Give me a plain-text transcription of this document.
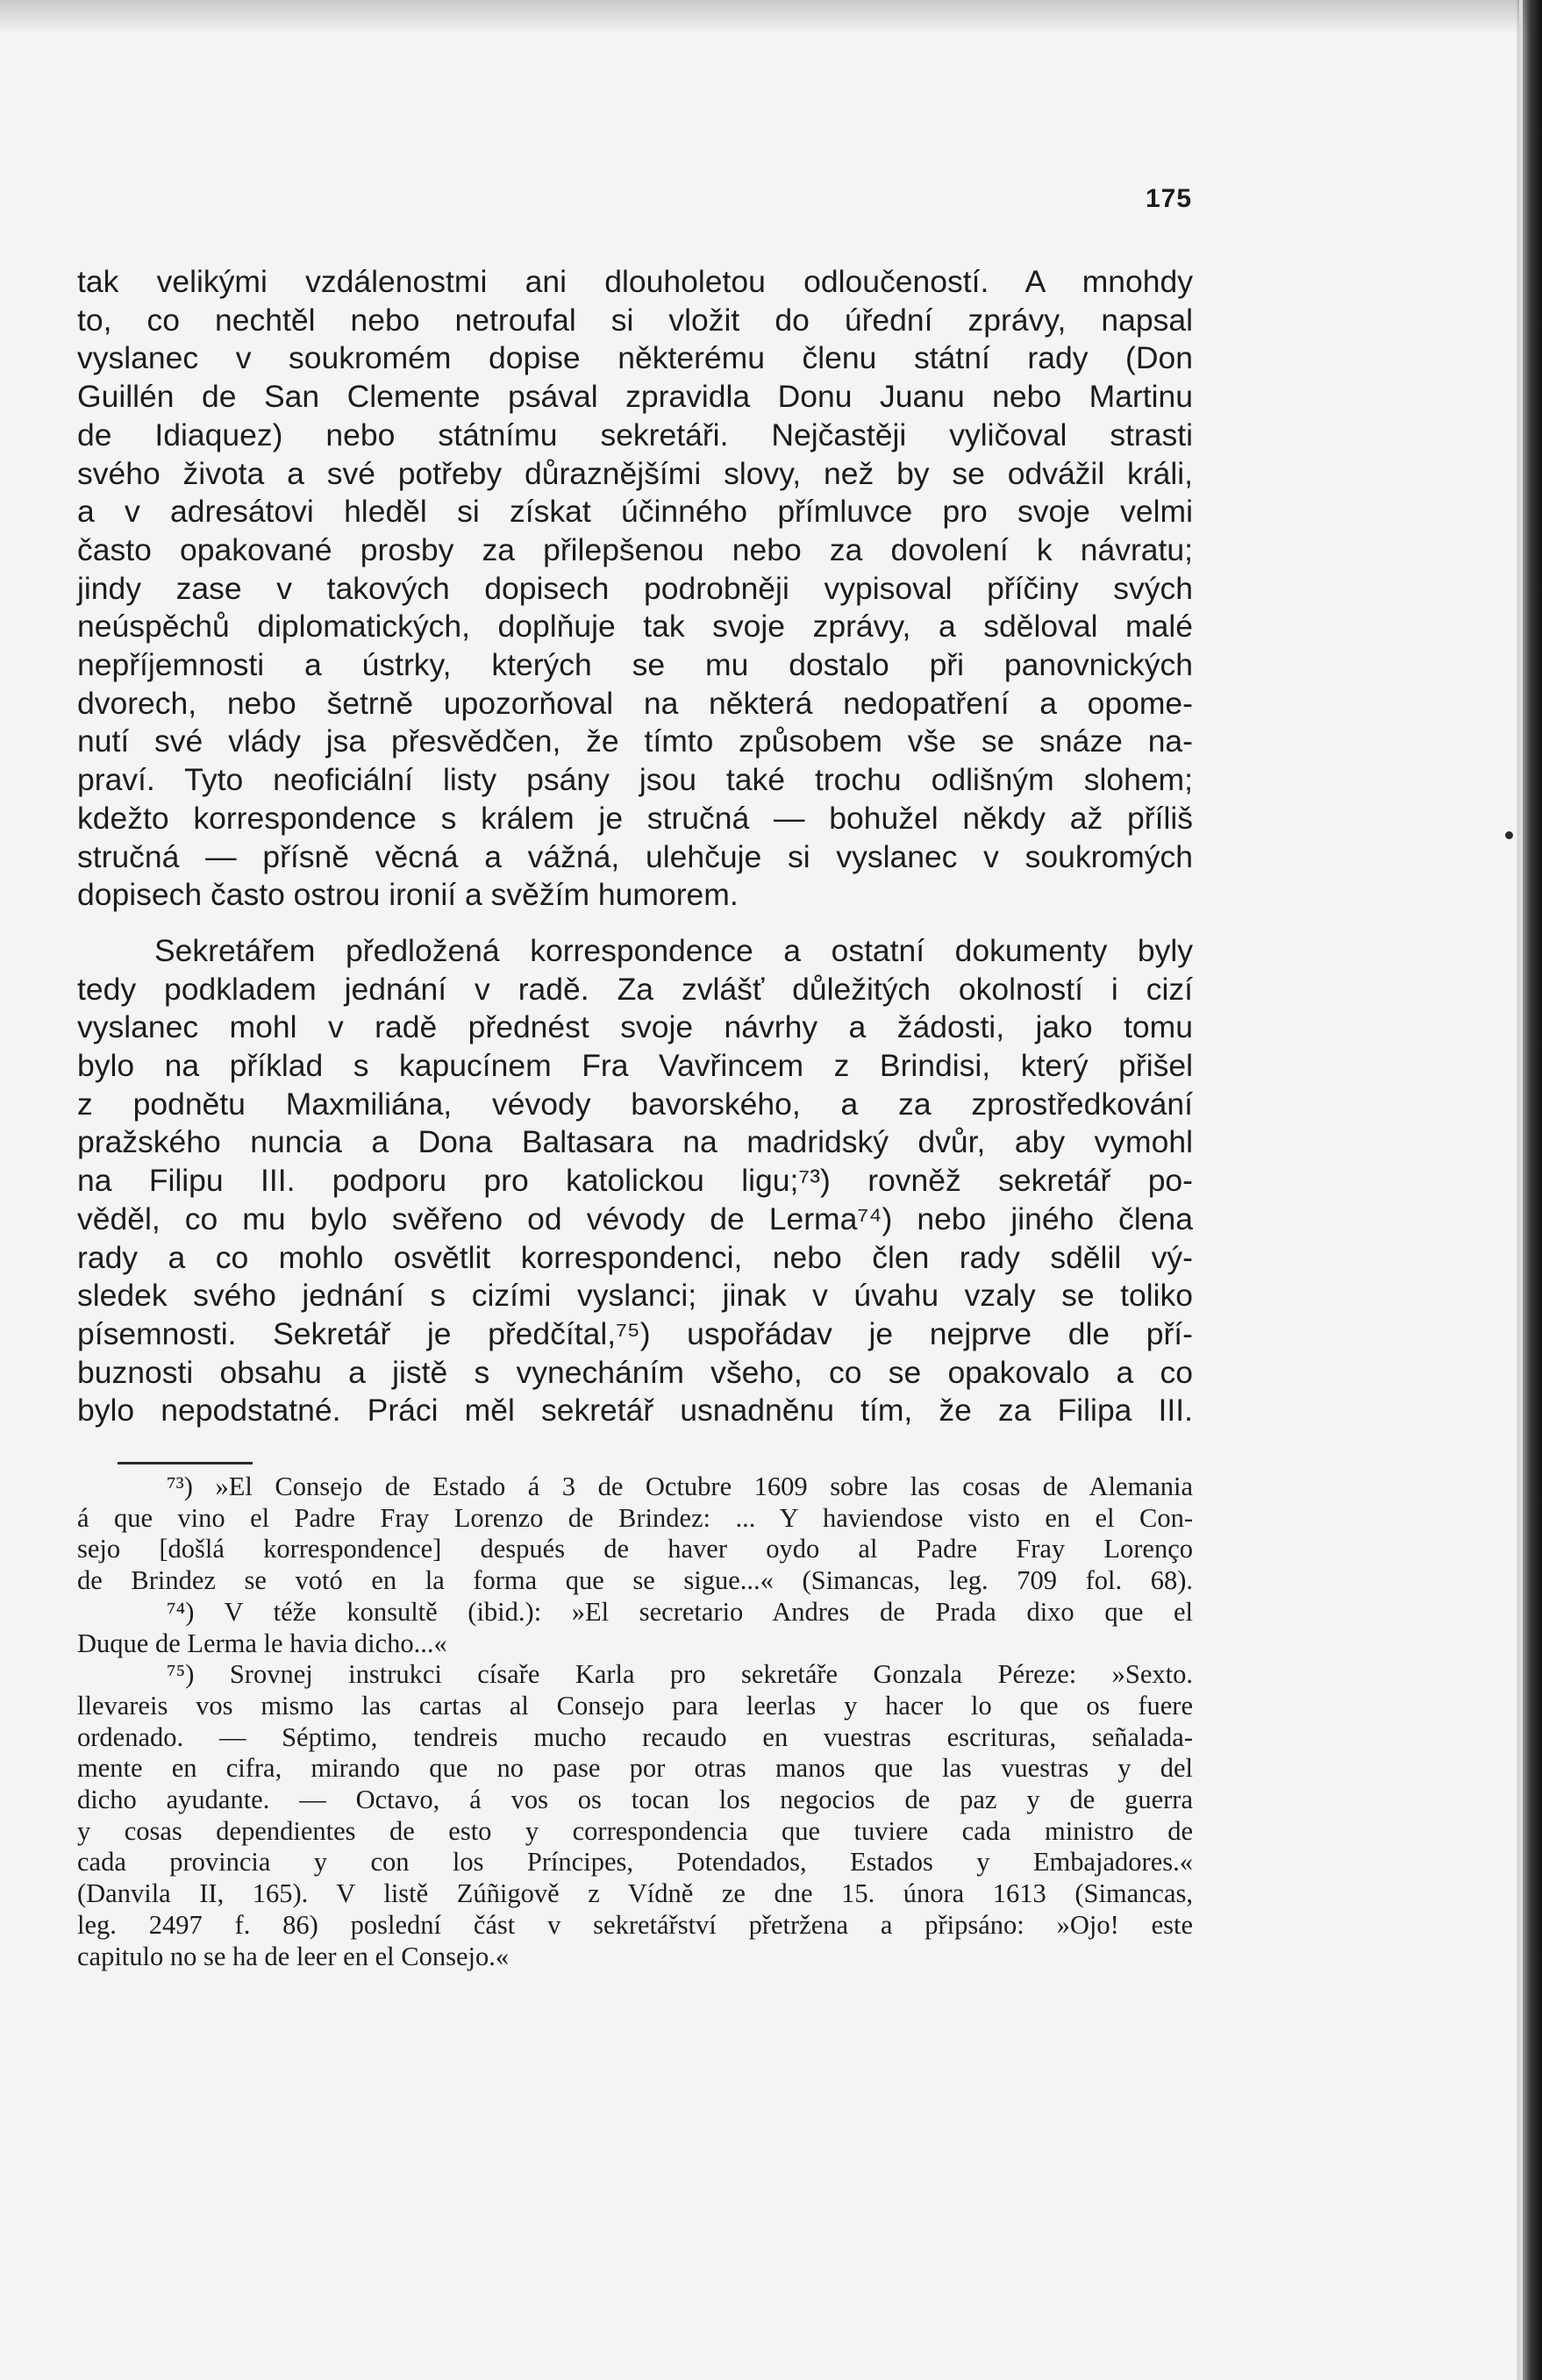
175
tak velikými vzdálenostmi ani dlouholetou odloučeností. A mnohdy
to, co nechtěl nebo netroufal si vložit do úřední zprávy, napsal
vyslanec v soukromém dopise některému členu státní rady (Don
Guillén de San Clemente psával zpravidla Donu Juanu nebo Martinu
de Idiaquez) nebo státnímu sekretáři. Nejčastěji vyličoval strasti
svého života a své potřeby důraznějšími slovy, než by se odvážil králi,
a v adresátovi hleděl si získat účinného přímluvce pro svoje velmi
často opakované prosby za přilepšenou nebo za dovolení k návratu;
jindy zase v takových dopisech podrobněji vypisoval příčiny svých
neúspěchů diplomatických, doplňuje tak svoje zprávy, a sděloval malé
nepříjemnosti a ústrky, kterých se mu dostalo při panovnických
dvorech, nebo šetrně upozorňoval na některá nedopatření a opome-
nutí své vlády jsa přesvědčen, že tímto způsobem vše se snáze na-
praví. Tyto neoficiální listy psány jsou také trochu odlišným slohem;
kdežto korrespondence s králem je stručná — bohužel někdy až příliš
stručná — přísně věcná a vážná, ulehčuje si vyslanec v soukromých
dopisech často ostrou ironií a svěžím humorem.
Sekretářem předložená korrespondence a ostatní dokumenty byly
tedy podkladem jednání v radě. Za zvlášť důležitých okolností i cizí
vyslanec mohl v radě přednést svoje návrhy a žádosti, jako tomu
bylo na příklad s kapucínem Fra Vavřincem z Brindisi, který přišel
z podnětu Maxmiliána, vévody bavorského, a za zprostředkování
pražského nuncia a Dona Baltasara na madridský dvůr, aby vymohl
na Filipu III. podporu pro katolickou ligu;⁷³) rovněž sekretář po-
věděl, co mu bylo svěřeno od vévody de Lerma⁷⁴) nebo jiného člena
rady a co mohlo osvětlit korrespondenci, nebo člen rady sdělil vý-
sledek svého jednání s cizími vyslanci; jinak v úvahu vzaly se toliko
písemnosti. Sekretář je předčítal,⁷⁵) uspořádav je nejprve dle pří-
buznosti obsahu a jistě s vynecháním všeho, co se opakovalo a co
bylo nepodstatné. Práci měl sekretář usnadněnu tím, že za Filipa III.
⁷³) »El Consejo de Estado á 3 de Octubre 1609 sobre las cosas de Alemania
á que vino el Padre Fray Lorenzo de Brindez: ... Y haviendose visto en el Con-
sejo [došlá korrespondence] después de haver oydo al Padre Fray Lorenço
de Brindez se votó en la forma que se sigue...« (Simancas, leg. 709 fol. 68).
⁷⁴) V téže konsultě (ibid.): »El secretario Andres de Prada dixo que el
Duque de Lerma le havia dicho...«
⁷⁵) Srovnej instrukci císaře Karla pro sekretáře Gonzala Péreze: »Sexto.
llevareis vos mismo las cartas al Consejo para leerlas y hacer lo que os fuere
ordenado. — Séptimo, tendreis mucho recaudo en vuestras escrituras, señalada-
mente en cifra, mirando que no pase por otras manos que las vuestras y del
dicho ayudante. — Octavo, á vos os tocan los negocios de paz y de guerra
y cosas dependientes de esto y correspondencia que tuviere cada ministro de
cada provincia y con los Príncipes, Potendados, Estados y Embajadores.«
(Danvila II, 165). V listě Zúñigově z Vídně ze dne 15. února 1613 (Simancas,
leg. 2497 f. 86) poslední část v sekretářství přetržena a připsáno: »Ojo! este
capitulo no se ha de leer en el Consejo.«
